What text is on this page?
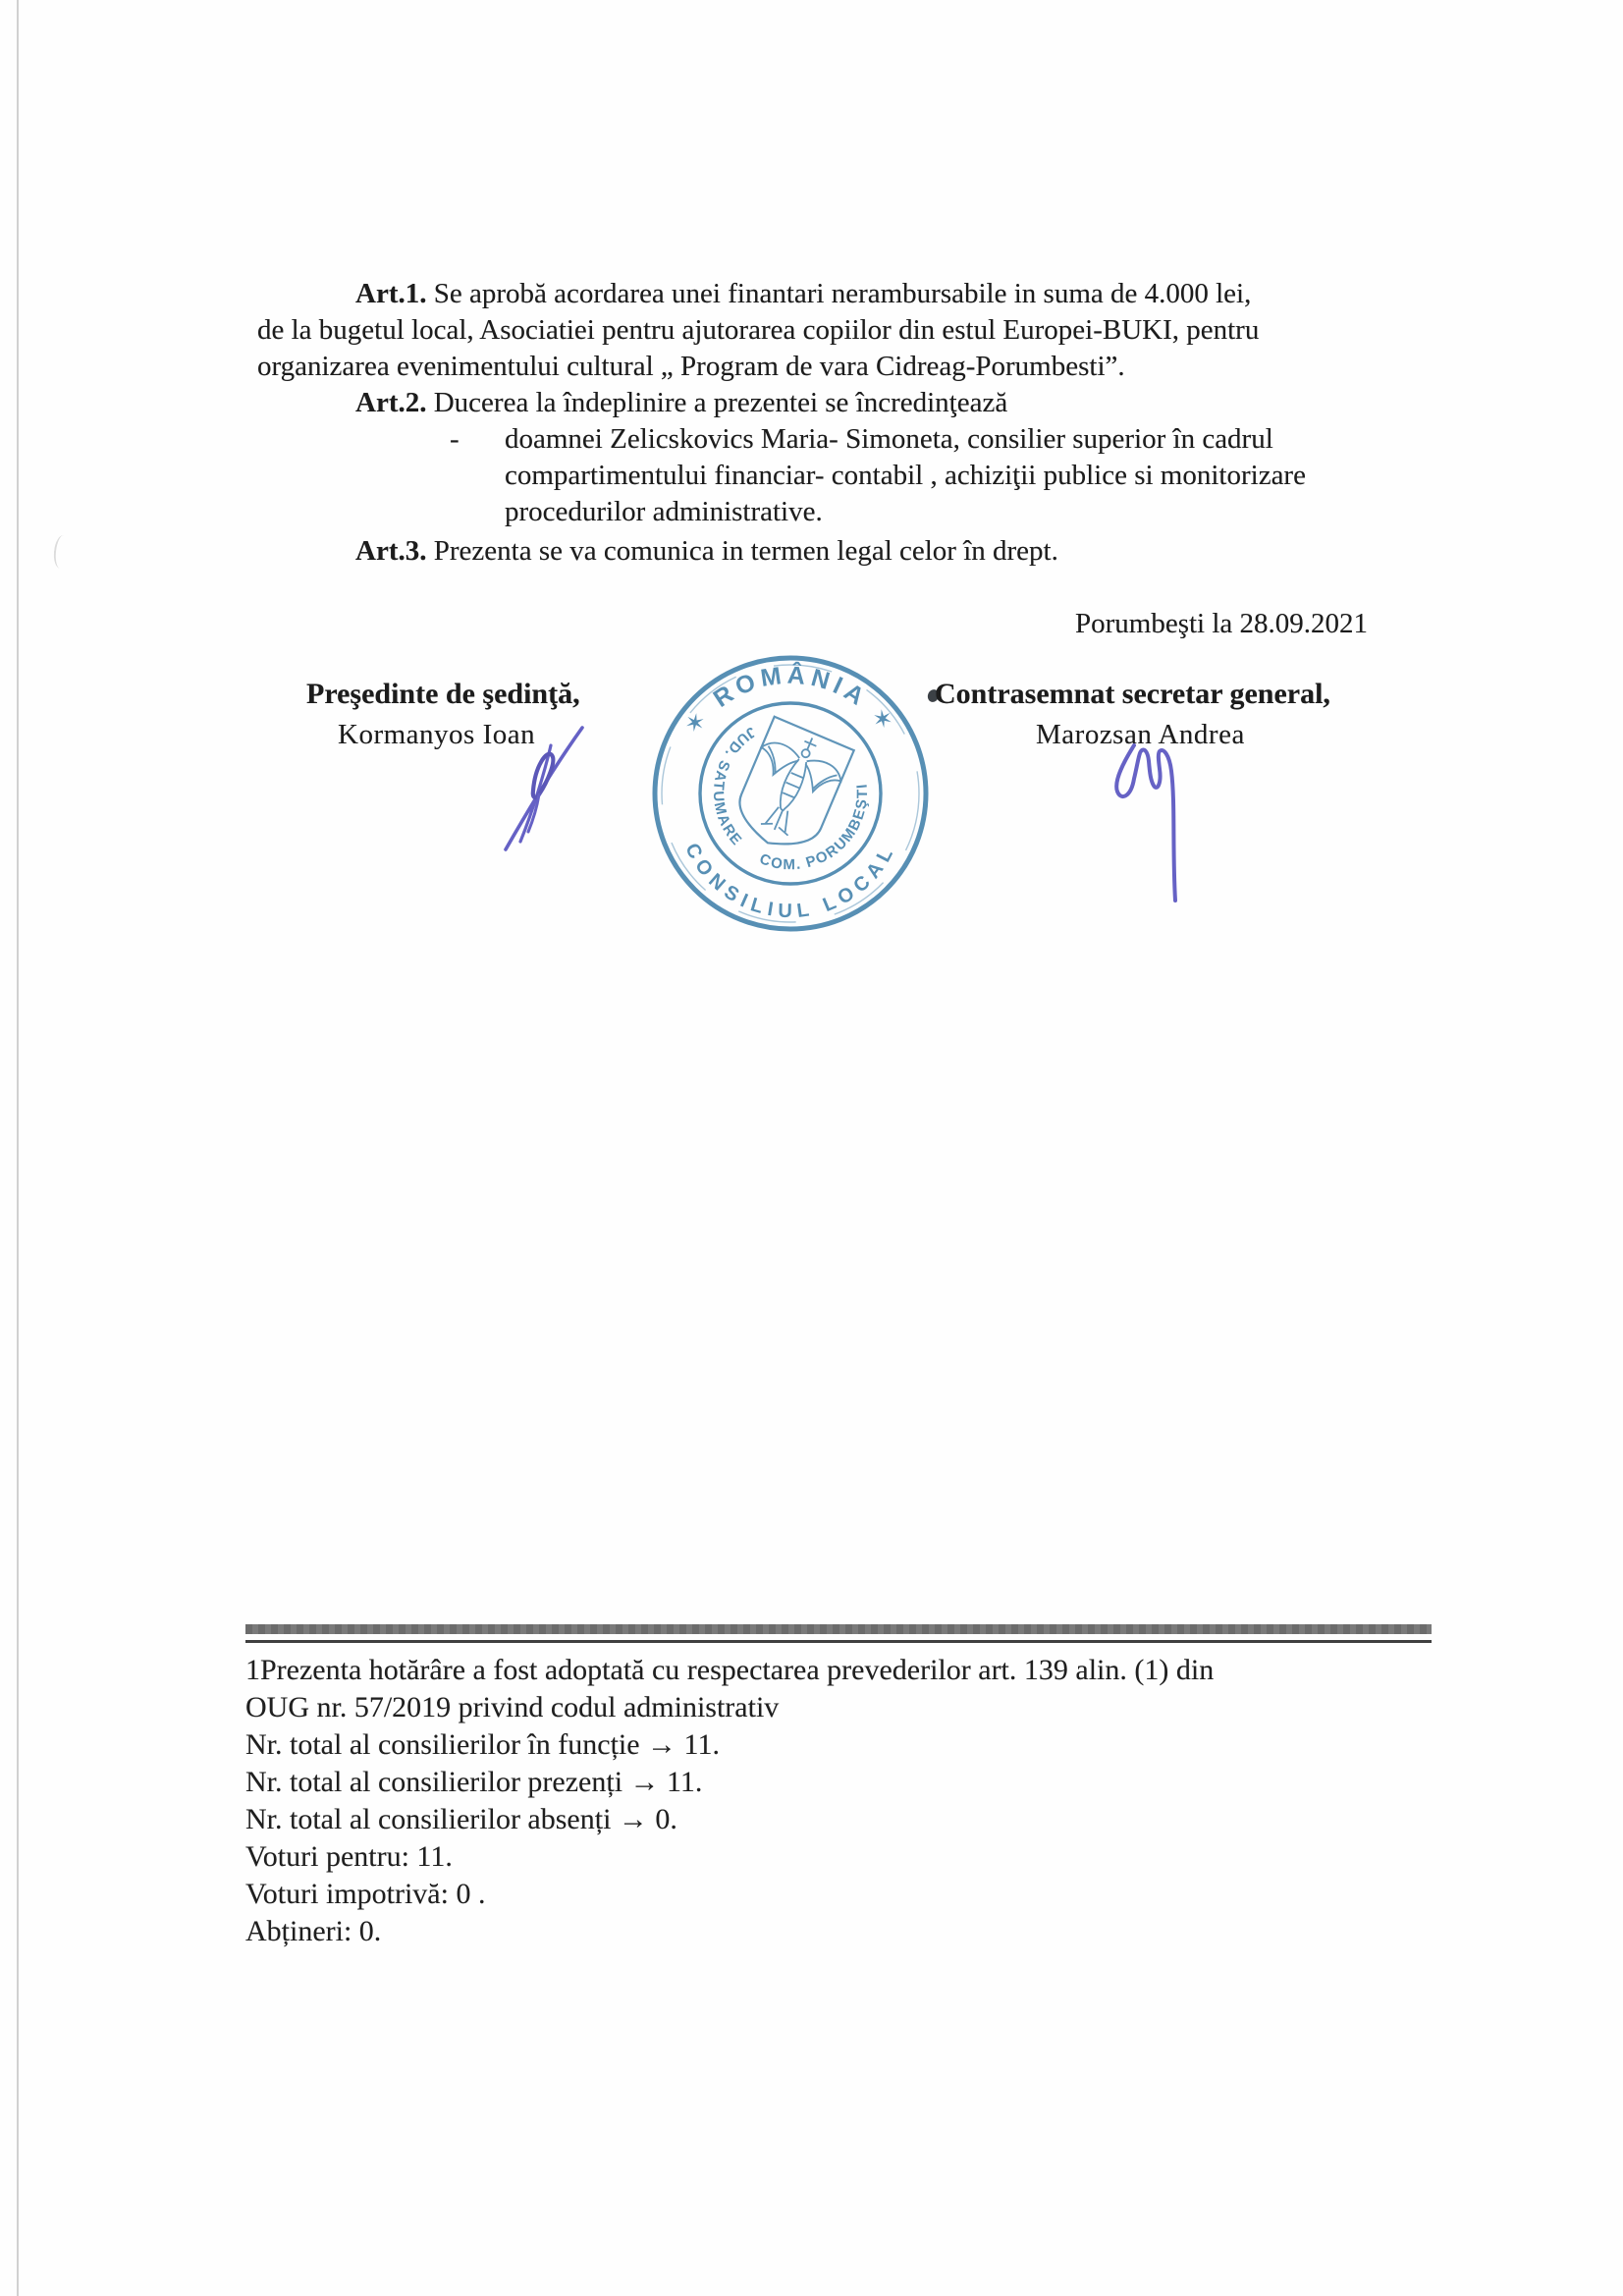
Art.1. Se aprobă acordarea unei finantari nerambursabile in suma de 4.000 lei,
de la bugetul local, Asociatiei pentru ajutorarea copiilor din estul Europei-BUKI, pentru
organizarea evenimentului cultural „ Program de vara Cidreag-Porumbesti”.
Art.2. Ducerea la îndeplinire a prezentei se încredinţează
- doamnei Zelicskovics Maria- Simoneta, consilier superior în cadrul
compartimentului financiar- contabil , achiziţii publice si monitorizare
procedurilor administrative.
Art.3. Prezenta se va comunica in termen legal celor în drept.
Porumbeşti la 28.09.2021
Preşedinte de şedinţă,
Kormanyos Ioan
Contrasemnat secretar general,
Marozsan Andrea
✶ ROMÂNIA ✶
CONSILIUL LOCAL
JUD. SATUMARE
COM. PORUMBEŞTI
1Prezenta hotărâre a fost adoptată cu respectarea prevederilor art. 139 alin. (1) din
OUG nr. 57/2019 privind codul administrativ
Nr. total al consilierilor în funcție → 11.
Nr. total al consilierilor prezenți → 11.
Nr. total al consilierilor absenți → 0.
Voturi pentru: 11.
Voturi impotrivă: 0 .
Abțineri: 0.
